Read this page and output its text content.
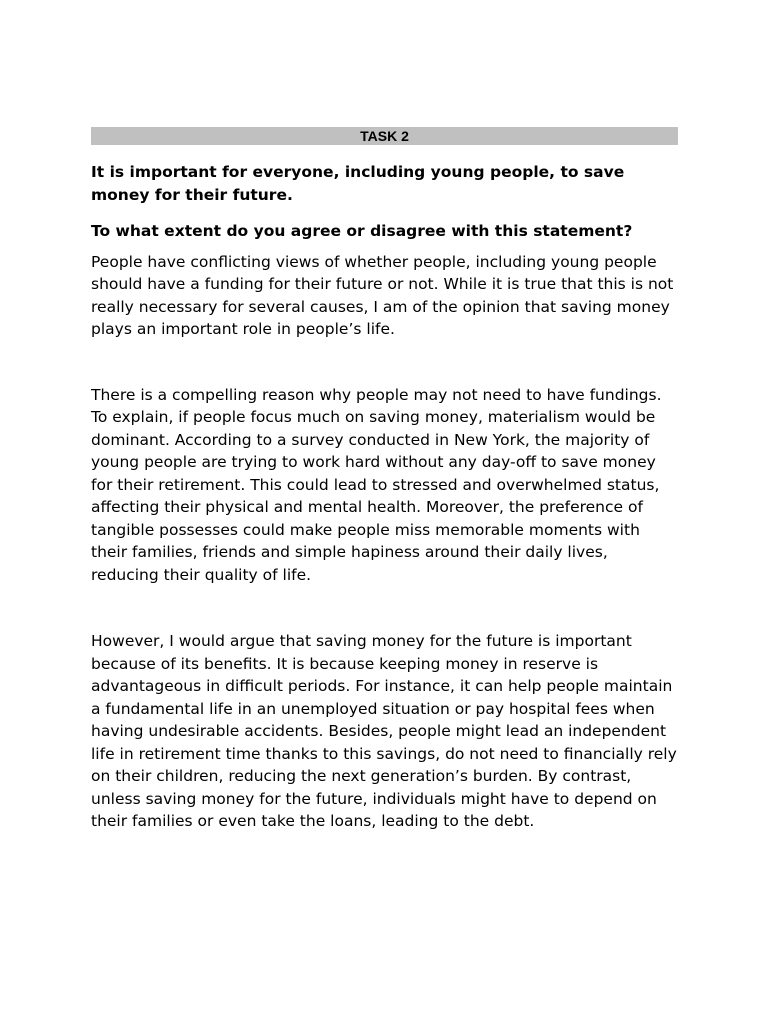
TASK 2

It is important for everyone, including young people, to save money for their future.

To what extent do you agree or disagree with this statement?

People have conflicting views of whether people, including young people should have a funding for their future or not. While it is true that this is not really necessary for several causes, I am of the opinion that saving money plays an important role in people’s life.

There is a compelling reason why people may not need to have fundings. To explain, if people focus much on saving money, materialism would be dominant. According to a survey conducted in New York, the majority of young people are trying to work hard without any day-off to save money for their retirement. This could lead to stressed and overwhelmed status, affecting their physical and mental health. Moreover, the preference of tangible possesses could make people miss memorable moments with their families, friends and simple hapiness around their daily lives, reducing their quality of life.

However, I would argue that saving money for the future is important because of its benefits. It is because keeping money in reserve is advantageous in difficult periods. For instance, it can help people maintain a fundamental life in an unemployed situation or pay hospital fees when having undesirable accidents. Besides, people might lead an independent life in retirement time thanks to this savings, do not need to financially rely on their children, reducing the next generation’s burden. By contrast, unless saving money for the future, individuals might have to depend on their families or even take the loans, leading to the debt.
